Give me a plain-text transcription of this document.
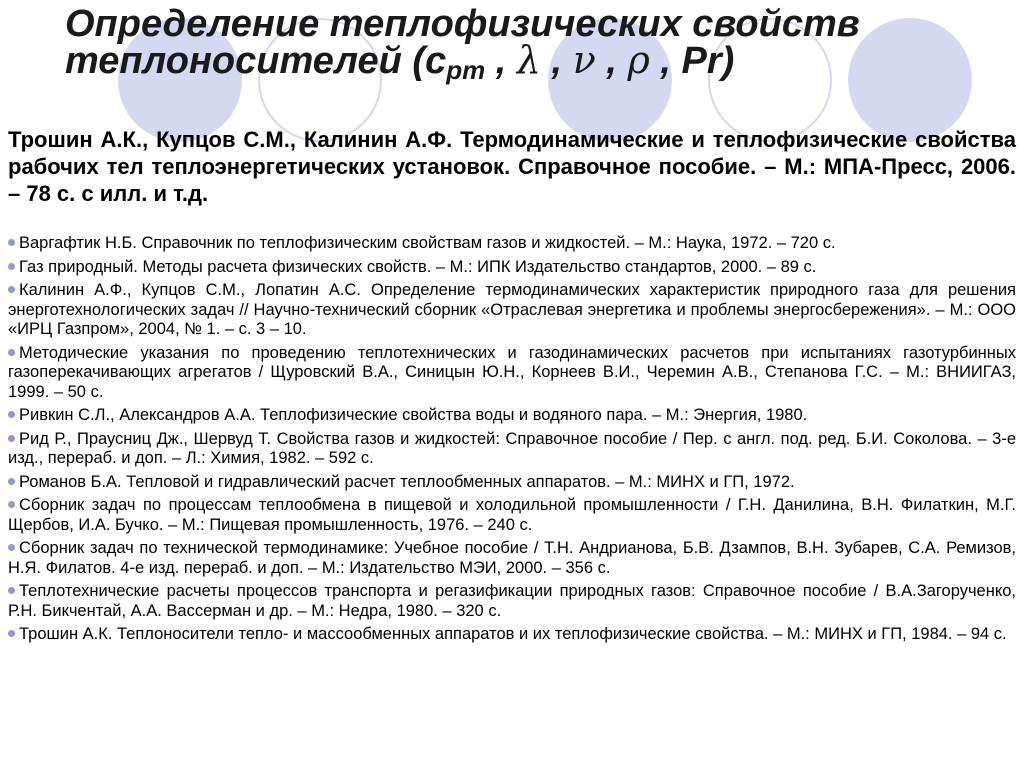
Определение теплофизических свойств
теплоносителей ($c_{pm}$ , λ , ν , ρ , Pr)

Трошин А.К., Купцов С.М., Калинин А.Ф. Термодинамические и теплофизические свойства рабочих тел теплоэнергетических установок. Справочное пособие. – М.: МПА-Пресс, 2006. – 78 с. с илл. и т.д.

Варгафтик Н.Б. Справочник по теплофизическим свойствам газов и жидкостей. – М.: Наука, 1972. – 720 с.
Газ природный. Методы расчета физических свойств. – М.: ИПК Издательство стандартов, 2000. – 89 с.
Калинин А.Ф., Купцов С.М., Лопатин А.С. Определение термодинамических характеристик природного газа для решения энерготехнологических задач // Научно-технический сборник «Отраслевая энергетика и проблемы энергосбережения». – М.: ООО «ИРЦ Газпром», 2004, № 1. – с. 3 – 10.
Методические указания по проведению теплотехнических и газодинамических расчетов при испытаниях газотурбинных газоперекачивающих агрегатов / Щуровский В.А., Синицын Ю.Н., Корнеев В.И., Черемин А.В., Степанова Г.С. – М.: ВНИИГАЗ, 1999. – 50 с.
Ривкин С.Л., Александров А.А. Теплофизические свойства воды и водяного пара. – М.: Энергия, 1980.
Рид Р., Праусниц Дж., Шервуд Т. Свойства газов и жидкостей: Справочное пособие / Пер. с англ. под. ред. Б.И. Соколова. – 3-е изд., перераб. и доп. – Л.: Химия, 1982. – 592 с.
Романов Б.А. Тепловой и гидравлический расчет теплообменных аппаратов. – М.: МИНХ и ГП, 1972.
Сборник задач по процессам теплообмена в пищевой и холодильной промышленности / Г.Н. Данилина, В.Н. Филаткин, М.Г. Щербов, И.А. Бучко. – М.: Пищевая промышленность, 1976. – 240 с.
Сборник задач по технической термодинамике: Учебное пособие / Т.Н. Андрианова, Б.В. Дзампов, В.Н. Зубарев, С.А. Ремизов, Н.Я. Филатов. 4-е изд. перераб. и доп. – М.: Издательство МЭИ, 2000. – 356 с.
Теплотехнические расчеты процессов транспорта и регазификации природных газов: Справочное пособие / В.А.Загорученко, Р.Н. Бикчентай, А.А. Вассерман и др. – М.: Недра, 1980. – 320 с.
Трошин А.К. Теплоносители тепло- и массообменных аппаратов и их теплофизические свойства. – М.: МИНХ и ГП, 1984. – 94 с.
